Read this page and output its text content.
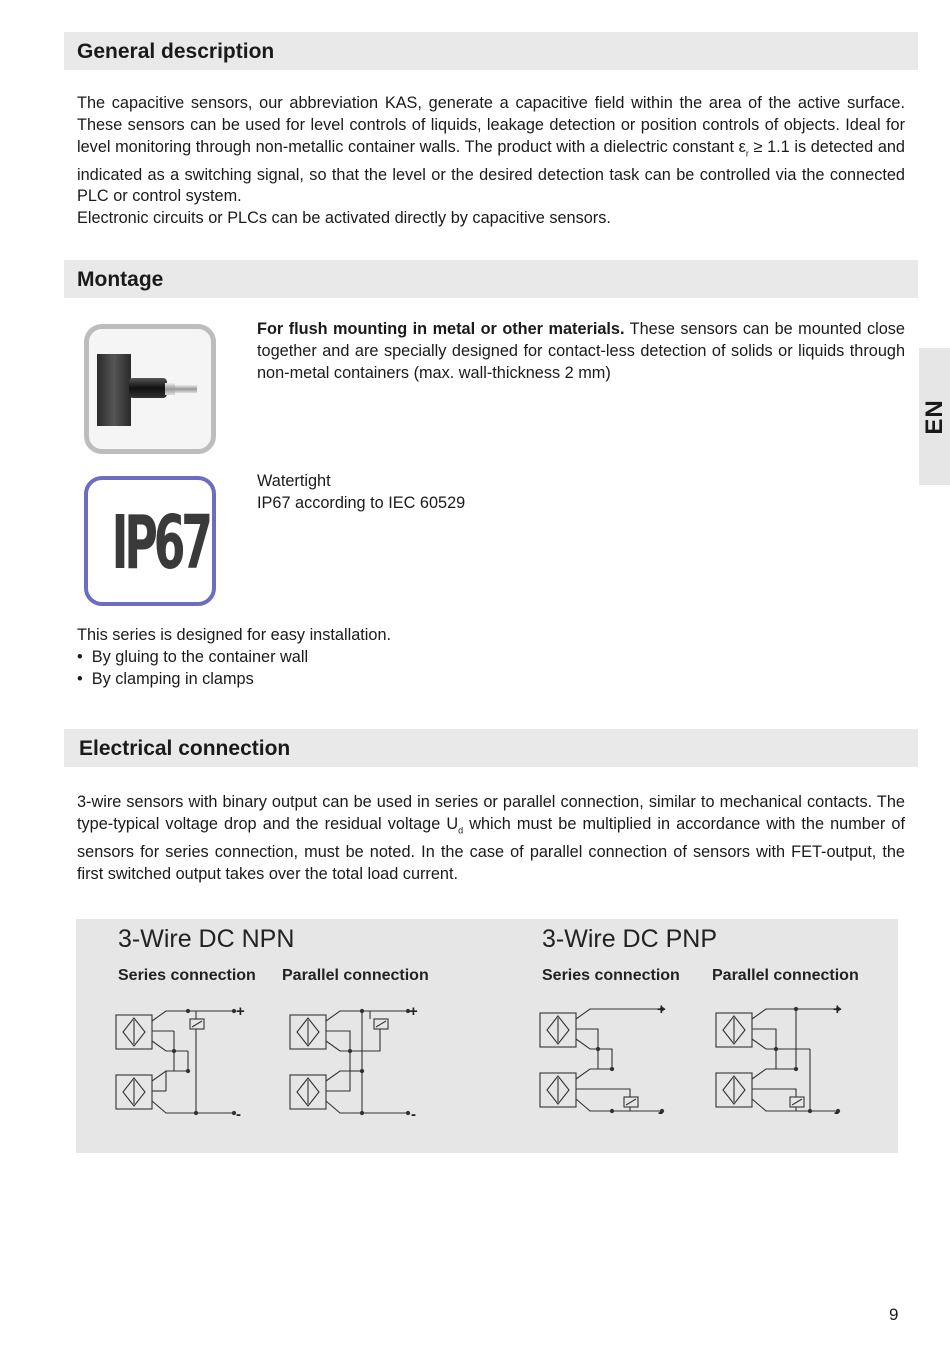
General description

The capacitive sensors, our abbreviation KAS, generate a capacitive field within the area of the active surface. These sensors can be used for level controls of liquids, leakage detection or position controls of objects. Ideal for level monitoring through non-metallic container walls. The product with a dielectric constant $\varepsilon_r \ge 1.1$ is detected and indicated as a switching signal, so that the level or the desired detection task can be controlled via the connected PLC or control system.

Electronic circuits or PLCs can be activated directly by capacitive sensors.

EN
Montage
For flush mounting in metal or other materials. These sensors can be mounted close together and are specially designed for contact-less detection of solids or liquids through non-metal containers (max. wall-thickness 2 mm)
IP67
Watertight
IP67 according to IEC 60529
This series is designed for easy installation.
•  By gluing to the container wall
•  By clamping in clamps
Electrical connection

3-wire sensors with binary output can be used in series or parallel connection, similar to mechanical contacts. The type-typical voltage drop and the residual voltage $U_d$ which must be multiplied in accordance with the number of sensors for series connection, must be noted. In the case of parallel connection of sensors with FET-output, the first switched output takes over the total load current.

3-Wire DC NPN	3-Wire DC PNP
Series connection Parallel connection	Series connection Parallel connection
+
-
+
-
+
-
+
-
9
